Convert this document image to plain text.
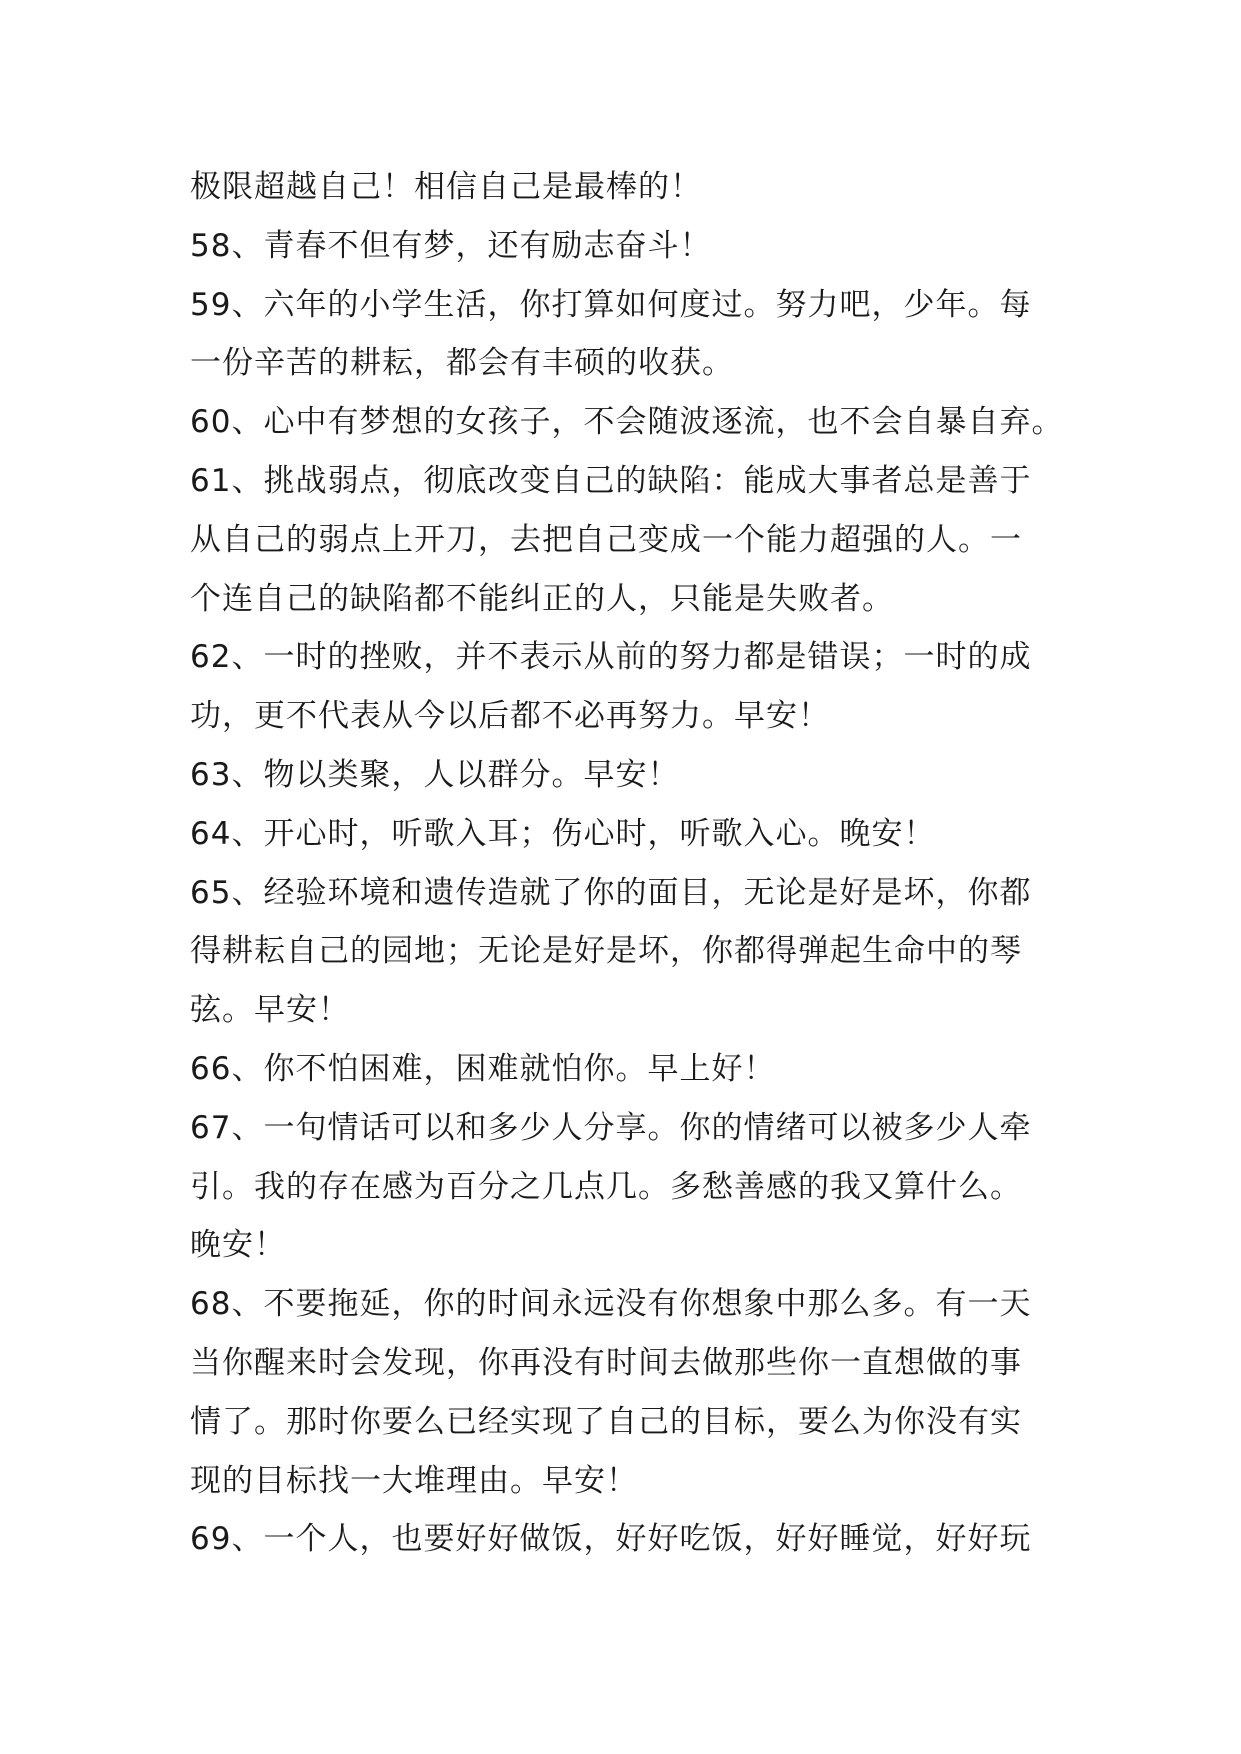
极限超越自己！相信自己是最棒的！
58、青春不但有梦，还有励志奋斗！
59、六年的小学生活，你打算如何度过。努力吧，少年。每
一份辛苦的耕耘，都会有丰硕的收获。
60、心中有梦想的女孩子，不会随波逐流，也不会自暴自弃。
61、挑战弱点，彻底改变自己的缺陷：能成大事者总是善于
从自己的弱点上开刀，去把自己变成一个能力超强的人。一
个连自己的缺陷都不能纠正的人，只能是失败者。
62、一时的挫败，并不表示从前的努力都是错误；一时的成
功，更不代表从今以后都不必再努力。早安！
63、物以类聚，人以群分。早安！
64、开心时，听歌入耳；伤心时，听歌入心。晚安！
65、经验环境和遗传造就了你的面目，无论是好是坏，你都
得耕耘自己的园地；无论是好是坏，你都得弹起生命中的琴
弦。早安！
66、你不怕困难，困难就怕你。早上好！
67、一句情话可以和多少人分享。你的情绪可以被多少人牵
引。我的存在感为百分之几点几。多愁善感的我又算什么。
晚安！
68、不要拖延，你的时间永远没有你想象中那么多。有一天
当你醒来时会发现，你再没有时间去做那些你一直想做的事
情了。那时你要么已经实现了自己的目标，要么为你没有实
现的目标找一大堆理由。早安！
69、一个人，也要好好做饭，好好吃饭，好好睡觉，好好玩
